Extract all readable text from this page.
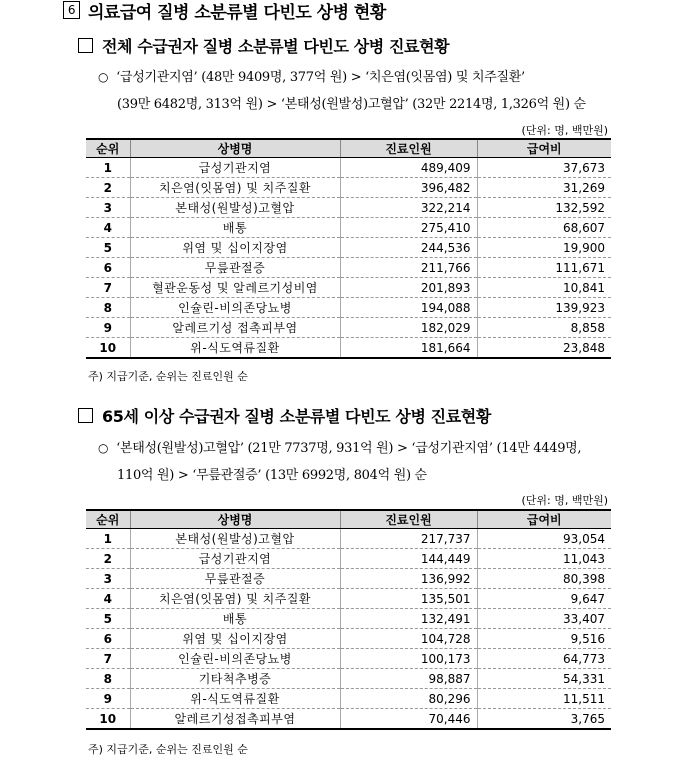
6 의료급여 질병 소분류별 다빈도 상병 현황
전체 수급권자 질병 소분류별 다빈도 상병 진료현황
○ ‘급성기관지염’ (48만 9409명, 377억 원) > ‘치은염(잇몸염) 및 치주질환’
(39만 6482명, 313억 원) > ‘본태성(원발성)고혈압’ (32만 2214명, 1,326억 원) 순
(단위: 명, 백만원)
순위	상병명	진료인원	급여비
1	급성기관지염	489,409	37,673
2	치은염(잇몸염) 및 치주질환	396,482	31,269
3	본태성(원발성)고혈압	322,214	132,592
4	배통	275,410	68,607
5	위염 및 십이지장염	244,536	19,900
6	무릎관절증	211,766	111,671
7	혈관운동성 및 알레르기성비염	201,893	10,841
8	인슐린-비의존당뇨병	194,088	139,923
9	알레르기성 접촉피부염	182,029	8,858
10	위-식도역류질환	181,664	23,848
주) 지급기준, 순위는 진료인원 순
65세 이상 수급권자 질병 소분류별 다빈도 상병 진료현황
○ ‘본태성(원발성)고혈압’ (21만 7737명, 931억 원) > ‘급성기관지염’ (14만 4449명,
110억 원) > ‘무릎관절증’ (13만 6992명, 804억 원) 순
(단위: 명, 백만원)
순위	상병명	진료인원	급여비
1	본태성(원발성)고혈압	217,737	93,054
2	급성기관지염	144,449	11,043
3	무릎관절증	136,992	80,398
4	치은염(잇몸염) 및 치주질환	135,501	9,647
5	배통	132,491	33,407
6	위염 및 십이지장염	104,728	9,516
7	인슐린-비의존당뇨병	100,173	64,773
8	기타척추병증	98,887	54,331
9	위-식도역류질환	80,296	11,511
10	알레르기성접촉피부염	70,446	3,765
주) 지급기준, 순위는 진료인원 순
